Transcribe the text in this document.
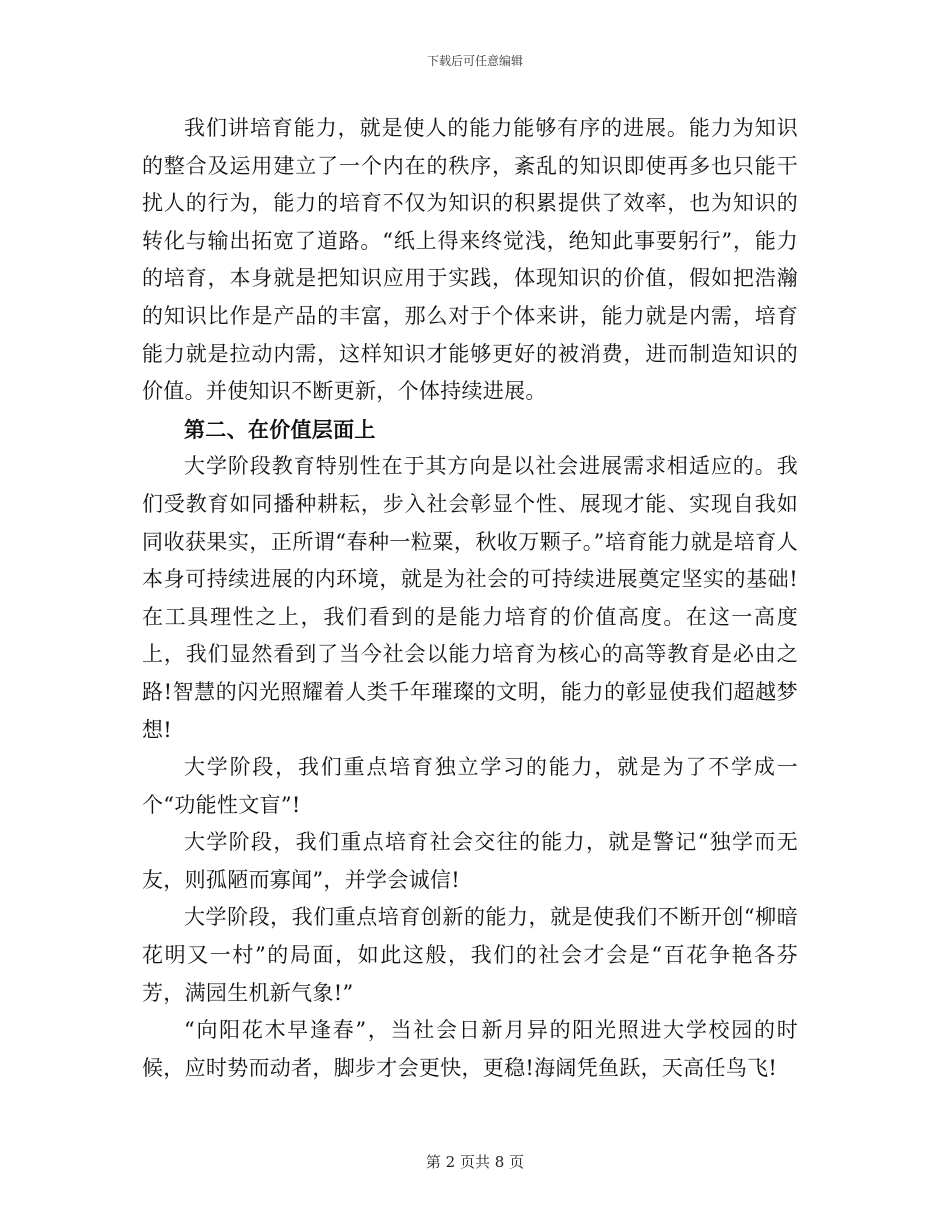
下载后可任意编辑

我们讲培育能力，就是使人的能力能够有序的进展。能力为知识的整合及运用建立了一个内在的秩序，紊乱的知识即使再多也只能干扰人的行为，能力的培育不仅为知识的积累提供了效率，也为知识的转化与输出拓宽了道路。“纸上得来终觉浅，绝知此事要躬行”，能力的培育，本身就是把知识应用于实践，体现知识的价值，假如把浩瀚的知识比作是产品的丰富，那么对于个体来讲，能力就是内需，培育能力就是拉动内需，这样知识才能够更好的被消费，进而制造知识的价值。并使知识不断更新，个体持续进展。

第二、在价值层面上

大学阶段教育特别性在于其方向是以社会进展需求相适应的。我们受教育如同播种耕耘，步入社会彰显个性、展现才能、实现自我如同收获果实，正所谓“春种一粒粟，秋收万颗子。”培育能力就是培育人本身可持续进展的内环境，就是为社会的可持续进展奠定坚实的基础!在工具理性之上，我们看到的是能力培育的价值高度。在这一高度上，我们显然看到了当今社会以能力培育为核心的高等教育是必由之路!智慧的闪光照耀着人类千年璀璨的文明，能力的彰显使我们超越梦想!

大学阶段，我们重点培育独立学习的能力，就是为了不学成一个“功能性文盲”!

大学阶段，我们重点培育社会交往的能力，就是警记“独学而无友，则孤陋而寡闻”，并学会诚信!

大学阶段，我们重点培育创新的能力，就是使我们不断开创“柳暗花明又一村”的局面，如此这般，我们的社会才会是“百花争艳各芬芳，满园生机新气象!”

“向阳花木早逢春”，当社会日新月异的阳光照进大学校园的时候，应时势而动者，脚步才会更快，更稳!海阔凭鱼跃，天高任鸟飞!

第 2 页共 8 页
